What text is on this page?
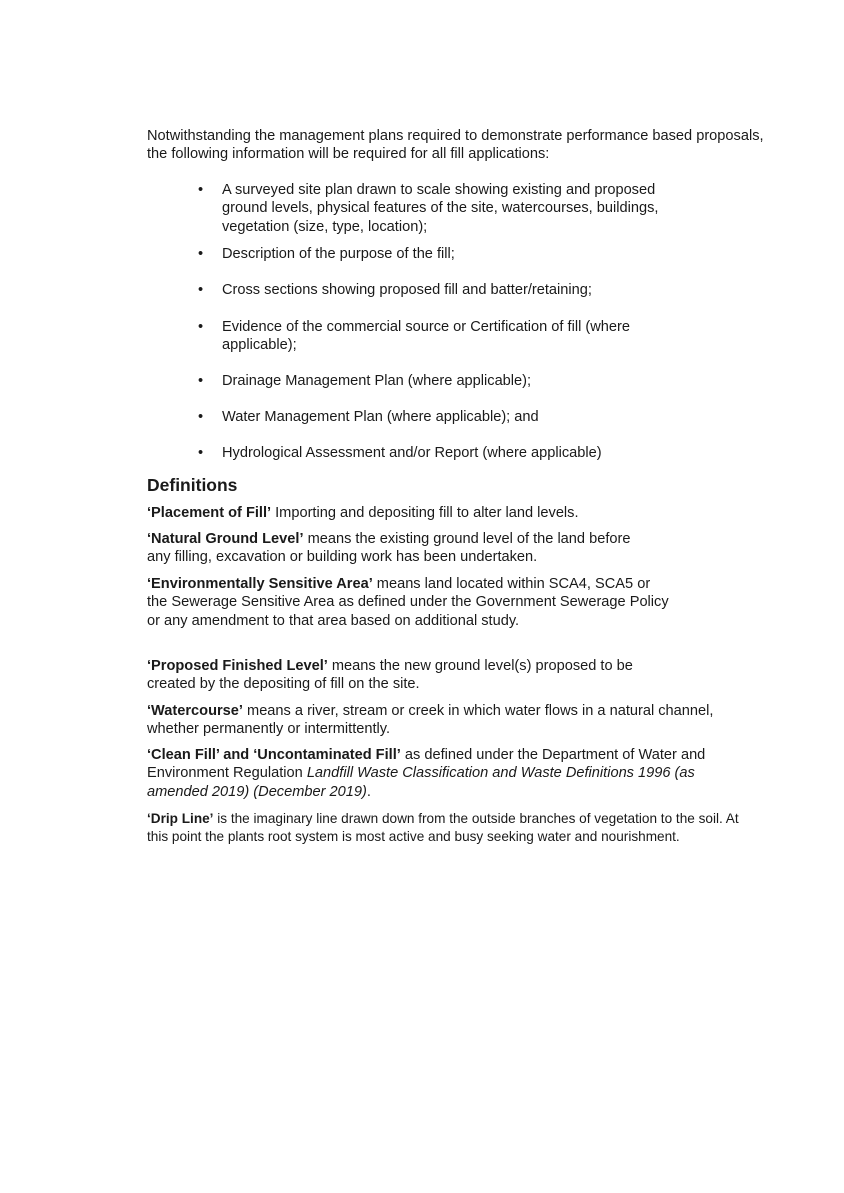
Notwithstanding the management plans required to demonstrate performance based proposals, the following information will be required for all fill applications:

• A surveyed site plan drawn to scale showing existing and proposed ground levels, physical features of the site, watercourses, buildings, vegetation (size, type, location);
• Description of the purpose of the fill;
• Cross sections showing proposed fill and batter/retaining;
• Evidence of the commercial source or Certification of fill (where applicable);
• Drainage Management Plan (where applicable);
• Water Management Plan (where applicable); and
• Hydrological Assessment and/or Report (where applicable)
Definitions

‘Placement of Fill’ Importing and depositing fill to alter land levels.

‘Natural Ground Level’ means the existing ground level of the land before any filling, excavation or building work has been undertaken.

‘Environmentally Sensitive Area’ means land located within SCA4, SCA5 or the Sewerage Sensitive Area as defined under the Government Sewerage Policy or any amendment to that area based on additional study.

‘Proposed Finished Level’ means the new ground level(s) proposed to be created by the depositing of fill on the site.

‘Watercourse’ means a river, stream or creek in which water flows in a natural channel, whether permanently or intermittently.

‘Clean Fill’ and ‘Uncontaminated Fill’ as defined under the Department of Water and Environment Regulation Landfill Waste Classification and Waste Definitions 1996 (as amended 2019) (December 2019).

‘Drip Line’ is the imaginary line drawn down from the outside branches of vegetation to the soil. At this point the plants root system is most active and busy seeking water and nourishment.
